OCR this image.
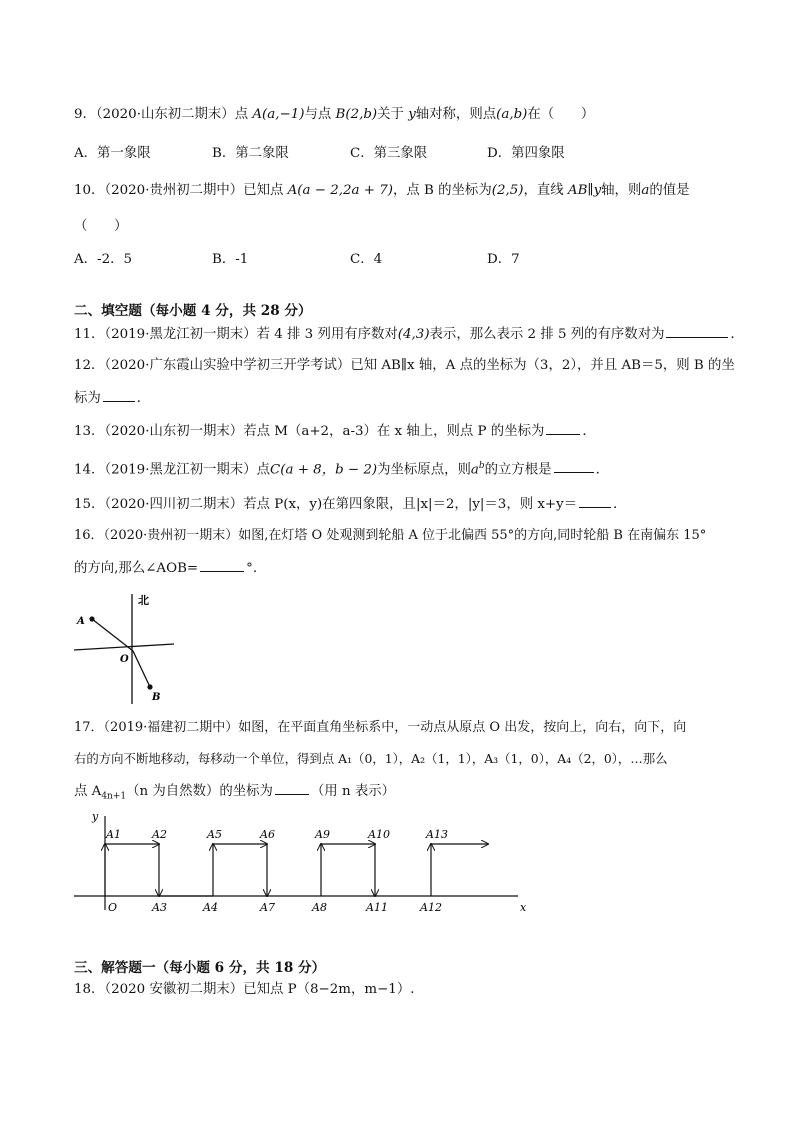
9．（2020·山东初二期末）点 A(a,−1)与点 B(2,b)关于 y轴对称，则点(a,b)在（　　）
A．第一象限	B．第二象限	C．第三象限	D．第四象限
10．（2020·贵州初二期中）已知点 A(a − 2,2a + 7)，点 B 的坐标为(2,5)，直线 AB∥y轴，则a的值是
（　　）
A．-2．5	B．-1	C．4	D．7
二、填空题（每小题 4 分，共 28 分）
11．（2019·黑龙江初一期末）若 4 排 3 列用有序数对(4,3)表示，那么表示 2 排 5 列的有序数对为	．
12．（2020·广东霞山实验中学初三开学考试）已知 AB∥x 轴，A 点的坐标为（3，2），并且 AB＝5，则 B 的坐
标为	．
13．（2020·山东初一期末）若点 M（a+2，a-3）在 x 轴上，则点 P 的坐标为	．
14．（2019·黑龙江初一期末）点C(a + 8，b − 2)为坐标原点，则$a^b$的立方根是	．
15．（2020·四川初二期末）若点 P(x，y)在第四象限，且|x|＝2，|y|＝3，则 x+y＝	．
16．（2020·贵州初一期末）如图,在灯塔 O 处观测到轮船 A 位于北偏西 55°的方向,同时轮船 B 在南偏东 15°
的方向,那么∠AOB=	°.
北
A
O
B
17．（2019·福建初二期中）如图，在平面直角坐标系中，一动点从原点 O 出发，按向上，向右，向下，向
右的方向不断地移动，每移动一个单位，得到点 A₁（0，1），A₂（1，1），A₃（1，0），A₄（2，0），…那么
点 $A_{4n+1}(n$ 为自然数）的坐标为	（用 n 表示）
y
x
O
A1	A2	A5	A6	A9	A10	A13
A3	A4	A7	A8	A11	A12
三、解答题一（每小题 6 分，共 18 分）
18．（2020 安徽初二期末）已知点 P（8−2m，m−1）.
